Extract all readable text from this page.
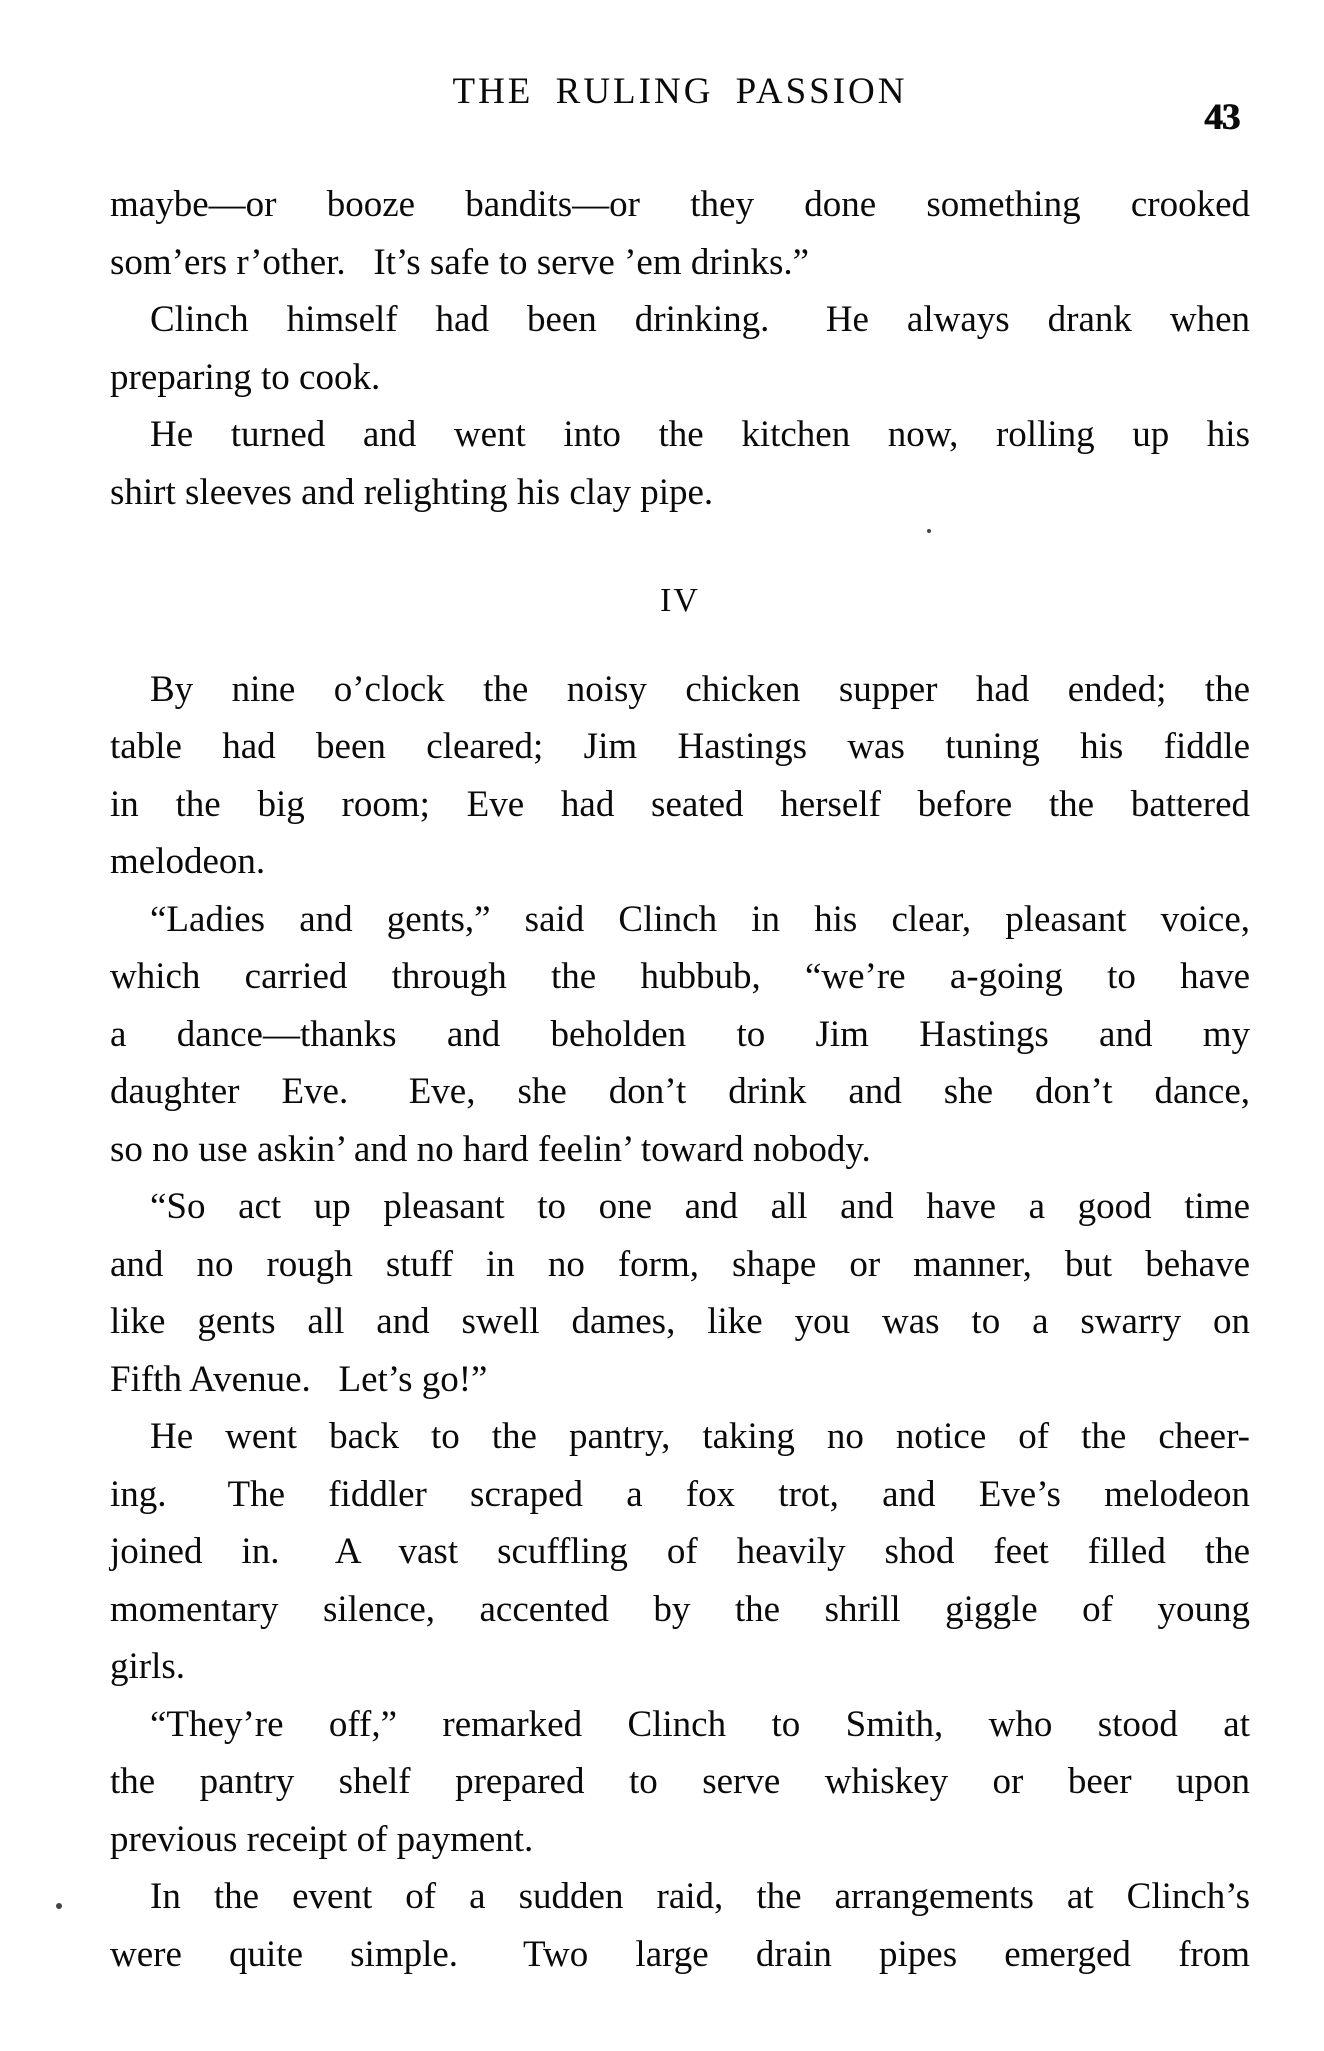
THE RULING PASSION
43
maybe—or booze bandits—or they done something crooked
som’ers r’other.  It’s safe to serve ’em drinks.”
Clinch himself had been drinking.  He always drank when
preparing to cook.
He turned and went into the kitchen now, rolling up his
shirt sleeves and relighting his clay pipe.
IV
By nine o’clock the noisy chicken supper had ended; the
table had been cleared; Jim Hastings was tuning his fiddle
in the big room; Eve had seated herself before the battered
melodeon.
“Ladies and gents,” said Clinch in his clear, pleasant voice,
which carried through the hubbub, “we’re a-going to have
a dance—thanks and beholden to Jim Hastings and my
daughter Eve.  Eve, she don’t drink and she don’t dance,
so no use askin’ and no hard feelin’ toward nobody.
“So act up pleasant to one and all and have a good time
and no rough stuff in no form, shape or manner, but behave
like gents all and swell dames, like you was to a swarry on
Fifth Avenue.  Let’s go!”
He went back to the pantry, taking no notice of the cheer-
ing.  The fiddler scraped a fox trot, and Eve’s melodeon
joined in.  A vast scuffling of heavily shod feet filled the
momentary silence, accented by the shrill giggle of young
girls.
“They’re off,” remarked Clinch to Smith, who stood at
the pantry shelf prepared to serve whiskey or beer upon
previous receipt of payment.
In the event of a sudden raid, the arrangements at Clinch’s
were quite simple.  Two large drain pipes emerged from
